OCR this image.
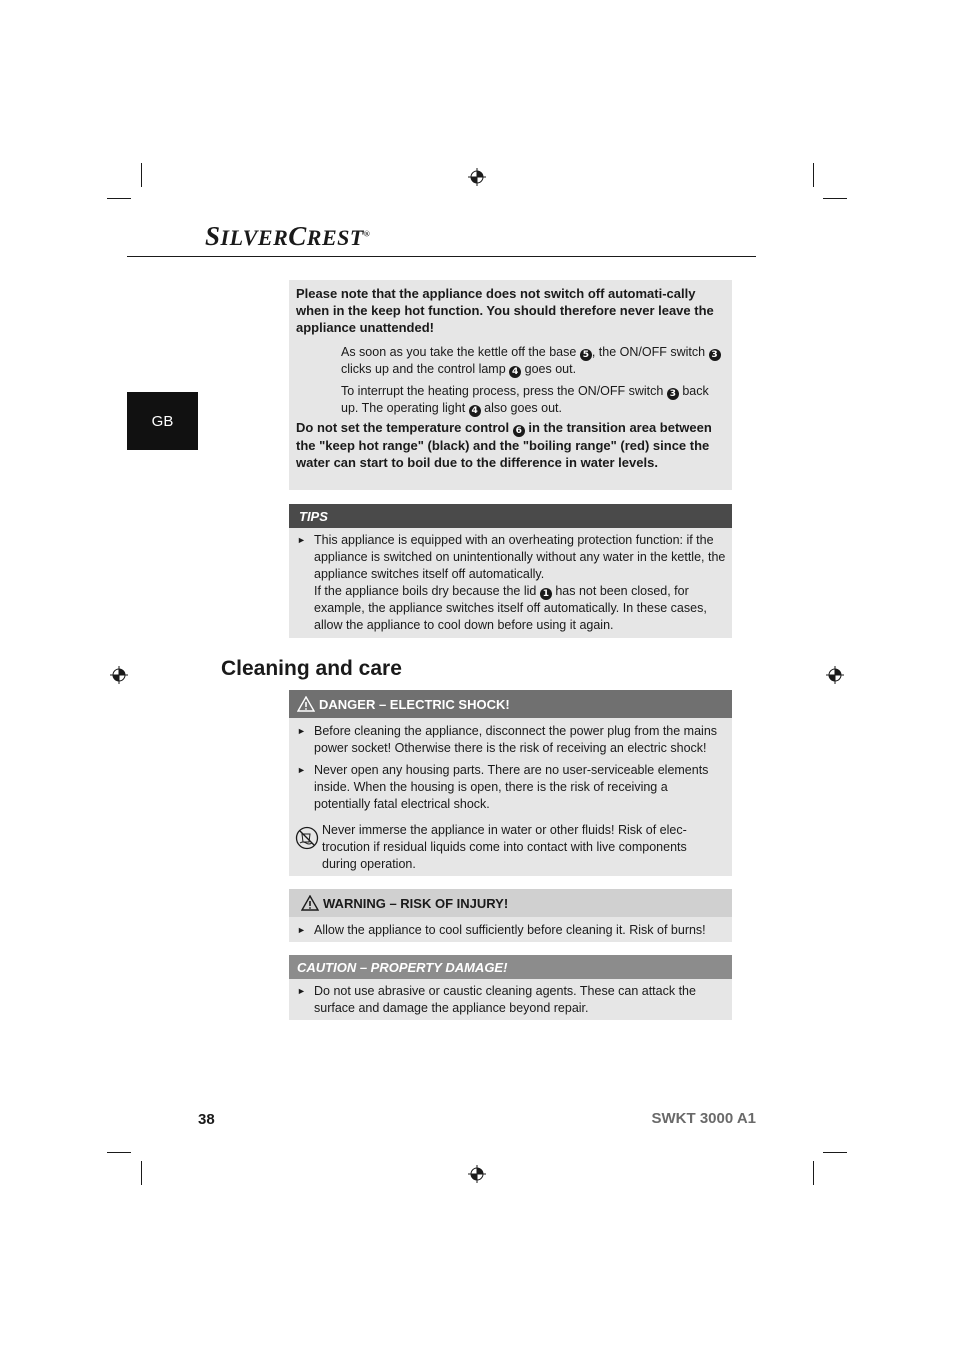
SILVERCREST®
GB
Please note that the appliance does not switch off automati-cally when in the keep hot function. You should therefore never leave the appliance unattended!
As soon as you take the kettle off the base 5 , the ON/OFF switch 3 clicks up and the control lamp 4 goes out.
To interrupt the heating process, press the ON/OFF switch 3 back up. The operating light 4 also goes out.
Do not set the temperature control 6 in the transition area between the "keep hot range" (black) and the "boiling range" (red) since the water can start to boil due to the difference in water levels.
TIPS
► This appliance is equipped with an overheating protection function: if the appliance is switched on unintentionally without any water in the kettle, the appliance switches itself off automatically.
If the appliance boils dry because the lid 1 has not been closed, for example, the appliance switches itself off automatically. In these cases, allow the appliance to cool down before using it again.
Cleaning and care
DANGER – ELECTRIC SHOCK!
► Before cleaning the appliance, disconnect the power plug from the mains power socket! Otherwise there is the risk of receiving an electric shock!
► Never open any housing parts. There are no user-serviceable elements inside. When the housing is open, there is the risk of receiving a potentially fatal electrical shock.
Never immerse the appliance in water or other fluids! Risk of elec-trocution if residual liquids come into contact with live components during operation.
WARNING – RISK OF INJURY!
► Allow the appliance to cool sufficiently before cleaning it. Risk of burns!
CAUTION – PROPERTY DAMAGE!
► Do not use abrasive or caustic cleaning agents. These can attack the surface and damage the appliance beyond repair.
38	SWKT 3000 A1
